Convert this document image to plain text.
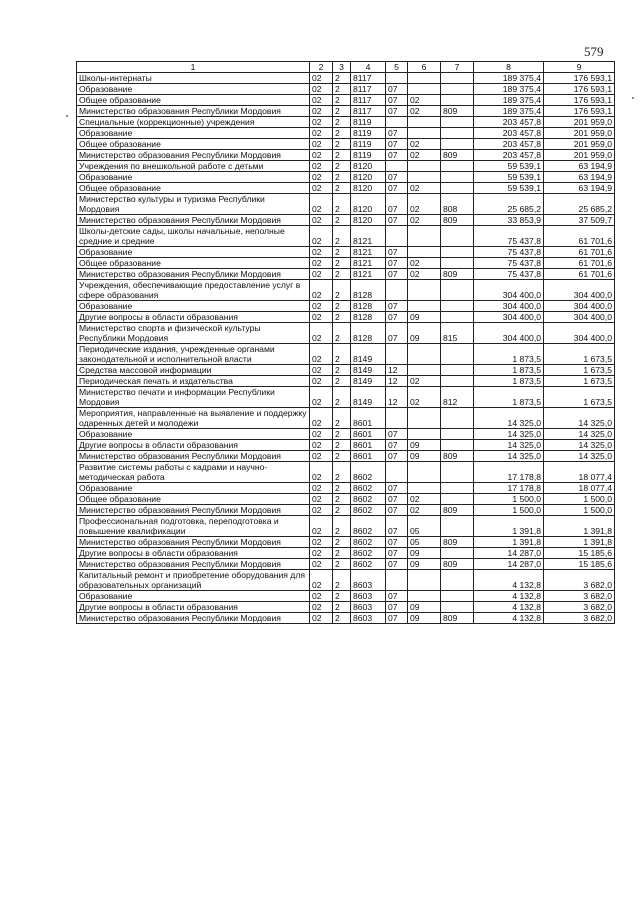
579
1	2	3	4	5	6	7	8	9
Школы-интернаты	02	2	8117				189 375,4	176 593,1
Образование	02	2	8117	07			189 375,4	176 593,1
Общее образование	02	2	8117	07	02		189 375,4	176 593,1
Министерство образования Республики Мордовия	02	2	8117	07	02	809	189 375,4	176 593,1
Специальные (коррекционные) учреждения	02	2	8119				203 457,8	201 959,0
Образование	02	2	8119	07			203 457,8	201 959,0
Общее образование	02	2	8119	07	02		203 457,8	201 959,0
Министерство образования Республики Мордовия	02	2	8119	07	02	809	203 457,8	201 959,0
Учреждения по внешкольной работе с детьми	02	2	8120				59 539,1	63 194,9
Образование	02	2	8120	07			59 539,1	63 194,9
Общее образование	02	2	8120	07	02		59 539,1	63 194,9
Министерство культуры и туризма Республики Мордовия	02	2	8120	07	02	808	25 685,2	25 685,2
Министерство образования Республики Мордовия	02	2	8120	07	02	809	33 853,9	37 509,7
Школы-детские сады, школы начальные, неполные средние и средние	02	2	8121				75 437,8	61 701,6
Образование	02	2	8121	07			75 437,8	61 701,6
Общее образование	02	2	8121	07	02		75 437,8	61 701,6
Министерство образования Республики Мордовия	02	2	8121	07	02	809	75 437,8	61 701,6
Учреждения, обеспечивающие предоставление услуг в сфере образования	02	2	8128				304 400,0	304 400,0
Образование	02	2	8128	07			304 400,0	304 400,0
Другие вопросы в области образования	02	2	8128	07	09		304 400,0	304 400,0
Министерство спорта и физической культуры Республики Мордовия	02	2	8128	07	09	815	304 400,0	304 400,0
Периодические издания, учрежденные органами законодательной и исполнительной власти	02	2	8149				1 873,5	1 673,5
Средства массовой информации	02	2	8149	12			1 873,5	1 673,5
Периодическая печать и издательства	02	2	8149	12	02		1 873,5	1 673,5
Министерство печати и информации Республики Мордовия	02	2	8149	12	02	812	1 873,5	1 673,5
Мероприятия, направленные на выявление и поддержку одаренных детей и молодежи	02	2	8601				14 325,0	14 325,0
Образование	02	2	8601	07			14 325,0	14 325,0
Другие вопросы в области образования	02	2	8601	07	09		14 325,0	14 325,0
Министерство образования Республики Мордовия	02	2	8601	07	09	809	14 325,0	14 325,0
Развитие системы работы с кадрами и научно-методическая работа	02	2	8602				17 178,8	18 077,4
Образование	02	2	8602	07			17 178,8	18 077,4
Общее образование	02	2	8602	07	02		1 500,0	1 500,0
Министерство образования Республики Мордовия	02	2	8602	07	02	809	1 500,0	1 500,0
Профессиональная подготовка, переподготовка и повышение квалификации	02	2	8602	07	05		1 391,8	1 391,8
Министерство образования Республики Мордовия	02	2	8602	07	05	809	1 391,8	1 391,8
Другие вопросы в области образования	02	2	8602	07	09		14 287,0	15 185,6
Министерство образования Республики Мордовия	02	2	8602	07	09	809	14 287,0	15 185,6
Капитальный ремонт и приобретение оборудования для образовательных организаций	02	2	8603				4 132,8	3 682,0
Образование	02	2	8603	07			4 132,8	3 682,0
Другие вопросы в области образования	02	2	8603	07	09		4 132,8	3 682,0
Министерство образования Республики Мордовия	02	2	8603	07	09	809	4 132,8	3 682,0
